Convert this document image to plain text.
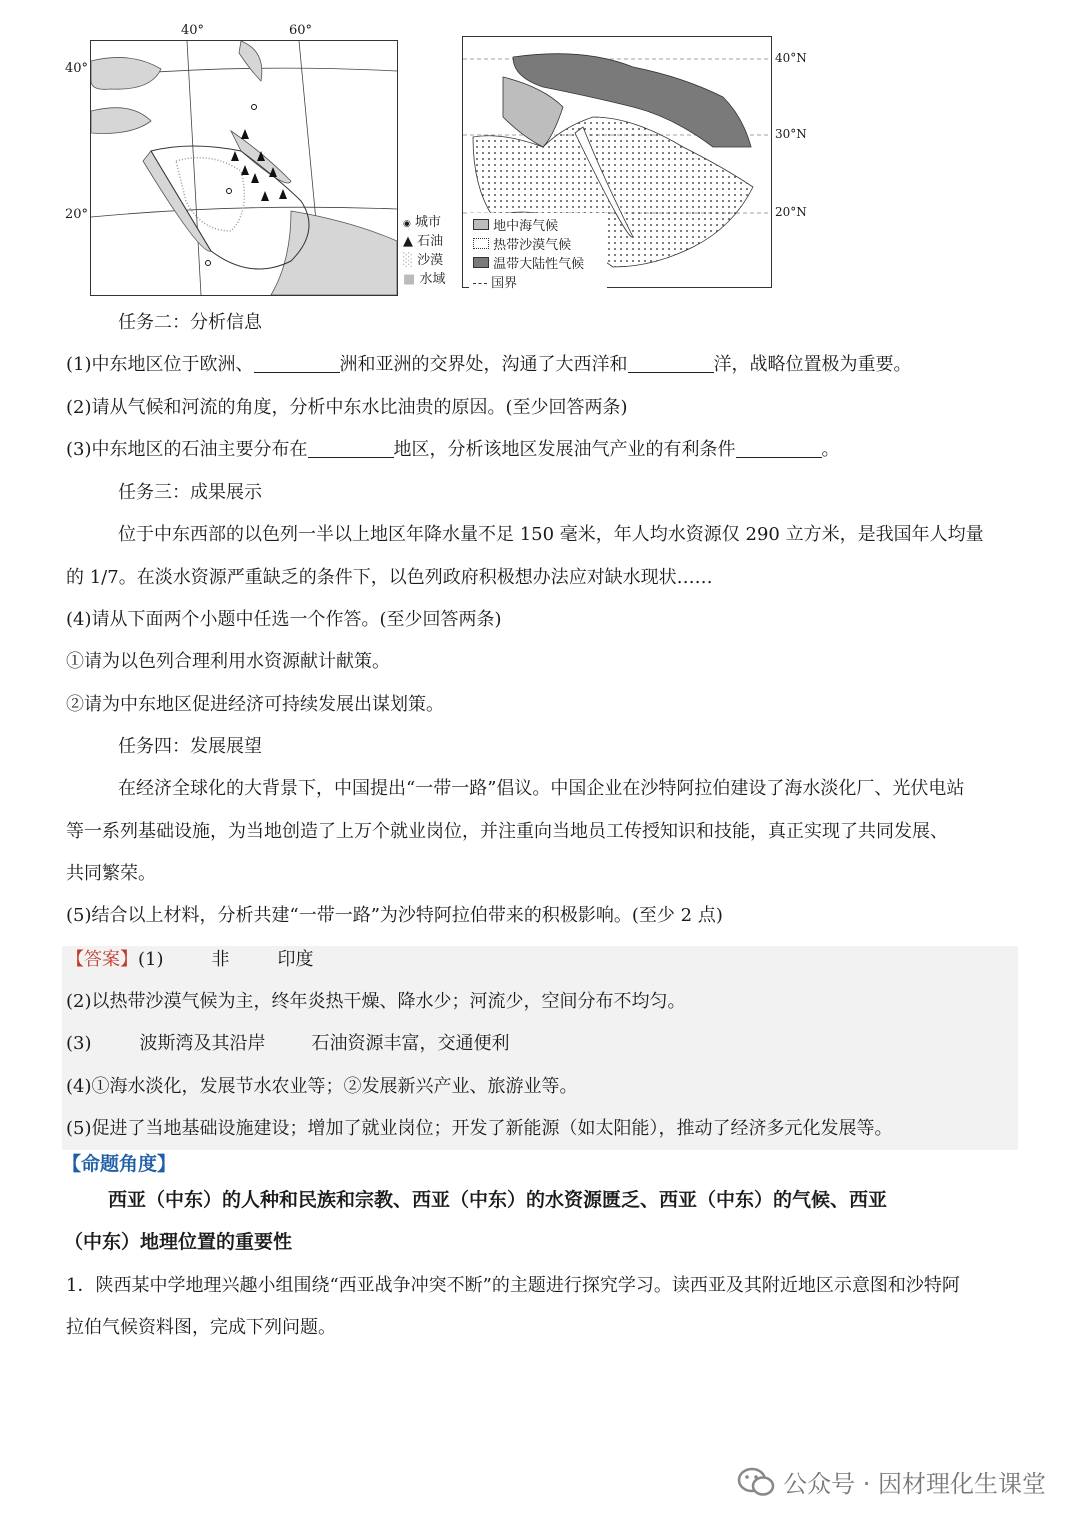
40°	60°
40°
20°
◉ 城市
▲ 石油
░ 沙漠
■ 水域
40°N
30°N
20°N
地中海气候
热带沙漠气候
温带大陆性气候
国界
任务二：分析信息
(1)中东地区位于欧洲、	洲和亚洲的交界处，沟通了大西洋和	洋，战略位置极为重要。
(2)请从气候和河流的角度，分析中东水比油贵的原因。(至少回答两条)
(3)中东地区的石油主要分布在	地区，分析该地区发展油气产业的有利条件	。
任务三：成果展示
位于中东西部的以色列一半以上地区年降水量不足 150 毫米，年人均水资源仅 290 立方米，是我国年人均量
的 1/7。在淡水资源严重缺乏的条件下，以色列政府积极想办法应对缺水现状……
(4)请从下面两个小题中任选一个作答。(至少回答两条)
①请为以色列合理利用水资源献计献策。
②请为中东地区促进经济可持续发展出谋划策。
任务四：发展展望
在经济全球化的大背景下，中国提出“一带一路”倡议。中国企业在沙特阿拉伯建设了海水淡化厂、光伏电站
等一系列基础设施，为当地创造了上万个就业岗位，并注重向当地员工传授知识和技能，真正实现了共同发展、
共同繁荣。
(5)结合以上材料，分析共建“一带一路”为沙特阿拉伯带来的积极影响。(至少 2 点)
【答案】(1)	非	印度
(2)以热带沙漠气候为主，终年炎热干燥、降水少；河流少，空间分布不均匀。
(3)	波斯湾及其沿岸	石油资源丰富，交通便利
(4)①海水淡化，发展节水农业等；②发展新兴产业、旅游业等。
(5)促进了当地基础设施建设；增加了就业岗位；开发了新能源（如太阳能），推动了经济多元化发展等。
【命题角度】
西亚（中东）的人种和民族和宗教、西亚（中东）的水资源匮乏、西亚（中东）的气候、西亚
（中东）地理位置的重要性
1．陕西某中学地理兴趣小组围绕“西亚战争冲突不断”的主题进行探究学习。读西亚及其附近地区示意图和沙特阿
拉伯气候资料图，完成下列问题。
公众号 · 因材理化生课堂
